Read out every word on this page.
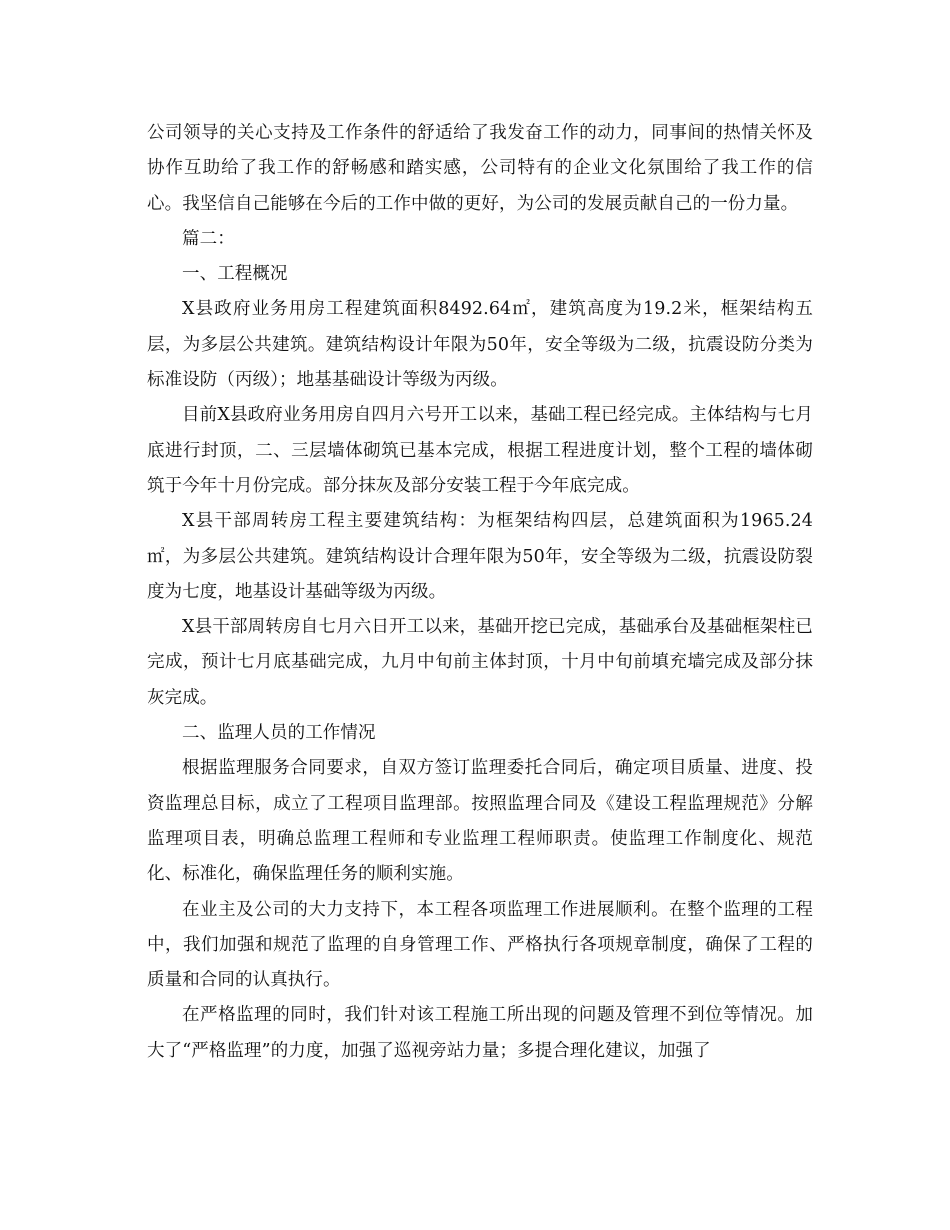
公司领导的关心支持及工作条件的舒适给了我发奋工作的动力，同事间的热情关怀及协作互助给了我工作的舒畅感和踏实感，公司特有的企业文化氛围给了我工作的信心。我坚信自己能够在今后的工作中做的更好，为公司的发展贡献自己的一份力量。

篇二：

一、工程概况

X县政府业务用房工程建筑面积8492.64㎡，建筑高度为19.2米，框架结构五层，为多层公共建筑。建筑结构设计年限为50年，安全等级为二级，抗震设防分类为标准设防（丙级）；地基基础设计等级为丙级。

目前X县政府业务用房自四月六号开工以来，基础工程已经完成。主体结构与七月底进行封顶，二、三层墙体砌筑已基本完成，根据工程进度计划，整个工程的墙体砌筑于今年十月份完成。部分抹灰及部分安装工程于今年底完成。

X县干部周转房工程主要建筑结构：为框架结构四层，总建筑面积为1965.24㎡，为多层公共建筑。建筑结构设计合理年限为50年，安全等级为二级，抗震设防裂度为七度，地基设计基础等级为丙级。

X县干部周转房自七月六日开工以来，基础开挖已完成，基础承台及基础框架柱已完成，预计七月底基础完成，九月中旬前主体封顶，十月中旬前填充墙完成及部分抹灰完成。

二、监理人员的工作情况

根据监理服务合同要求，自双方签订监理委托合同后，确定项目质量、进度、投资监理总目标，成立了工程项目监理部。按照监理合同及《建设工程监理规范》分解监理项目表，明确总监理工程师和专业监理工程师职责。使监理工作制度化、规范化、标准化，确保监理任务的顺利实施。

在业主及公司的大力支持下，本工程各项监理工作进展顺利。在整个监理的工程中，我们加强和规范了监理的自身管理工作、严格执行各项规章制度，确保了工程的质量和合同的认真执行。

在严格监理的同时，我们针对该工程施工所出现的问题及管理不到位等情况。加大了“严格监理”的力度，加强了巡视旁站力量；多提合理化建议，加强了
